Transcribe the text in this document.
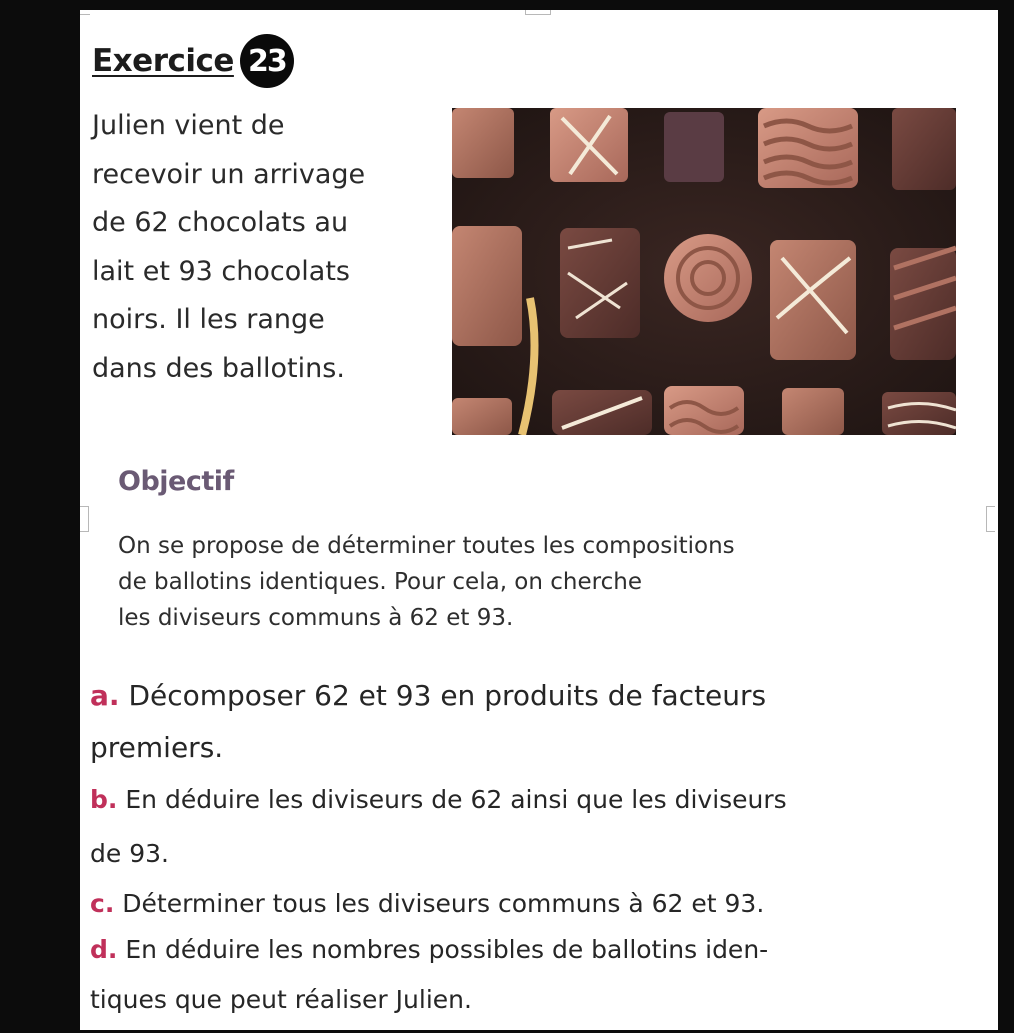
Exercice 23
Julien vient de
recevoir un arrivage
de 62 chocolats au
lait et 93 chocolats
noirs. Il les range
dans des ballotins.
Objectif
On se propose de déterminer toutes les compositions
de ballotins identiques. Pour cela, on cherche
les diviseurs communs à 62 et 93.
a. Décomposer 62 et 93 en produits de facteurs
premiers.
b. En déduire les diviseurs de 62 ainsi que les diviseurs
de 93.
c. Déterminer tous les diviseurs communs à 62 et 93.
d. En déduire les nombres possibles de ballotins iden-
tiques que peut réaliser Julien.
